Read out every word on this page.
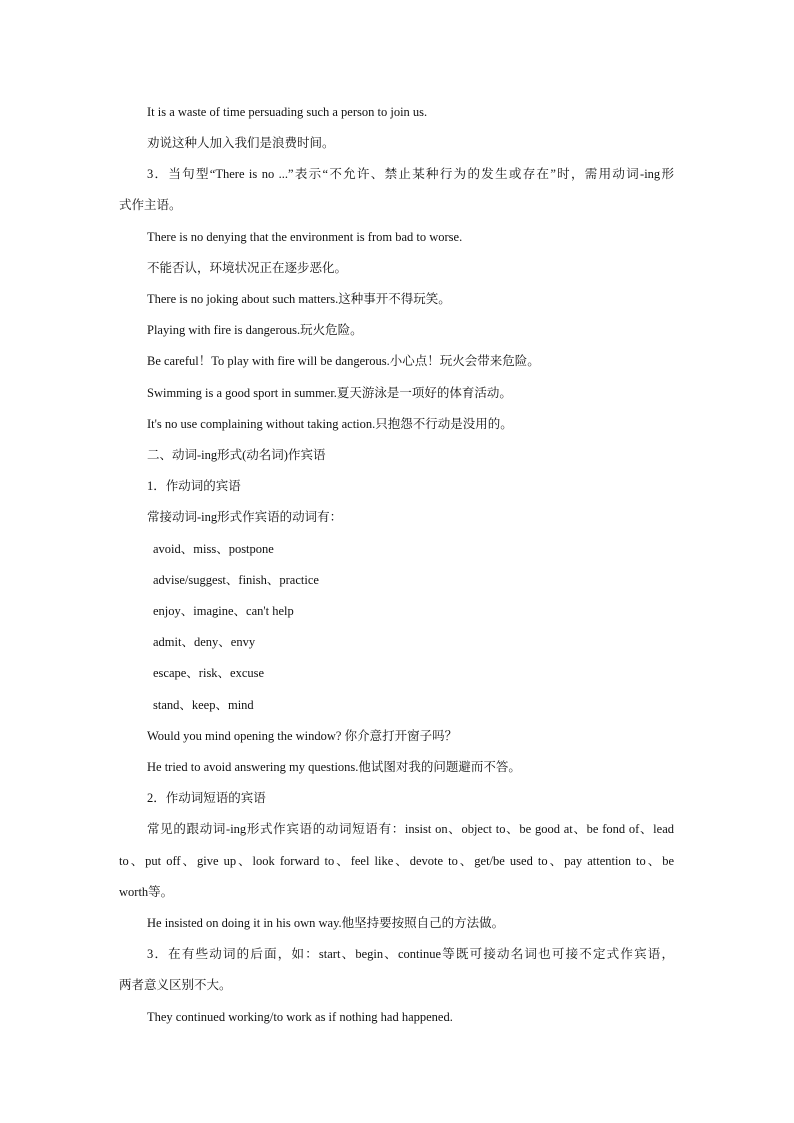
It is a waste of time persuading such a person to join us.

劝说这种人加入我们是浪费时间。

3．当句型“There is no ...”表示“不允许、禁止某种行为的发生或存在”时，需用动词-ing形

式作主语。

There is no denying that the environment is from bad to worse.

不能否认，环境状况正在逐步恶化。

There is no joking about such matters.这种事开不得玩笑。

Playing with fire is dangerous.玩火危险。

Be careful！To play with fire will be dangerous.小心点！玩火会带来危险。

Swimming is a good sport in summer.夏天游泳是一项好的体育活动。

It's no use complaining without taking action.只抱怨不行动是没用的。

二、动词-ing形式(动名词)作宾语

1．作动词的宾语

常接动词-ing形式作宾语的动词有：

avoid、miss、postpone

advise/suggest、finish、practice

enjoy、imagine、can't help

admit、deny、envy

escape、risk、excuse

stand、keep、mind

Would you mind opening the window? 你介意打开窗子吗？

He tried to avoid answering my questions.他试图对我的问题避而不答。

2．作动词短语的宾语

常见的跟动词-ing形式作宾语的动词短语有：insist on、object to、be good at、be fond of、lead

to、put off、give up、look forward to、feel like、devote to、get/be used to、pay attention to、be

worth等。

He insisted on doing it in his own way.他坚持要按照自己的方法做。

3．在有些动词的后面，如：start、begin、continue等既可接动名词也可接不定式作宾语，

两者意义区别不大。

They continued working/to work as if nothing had happened.
